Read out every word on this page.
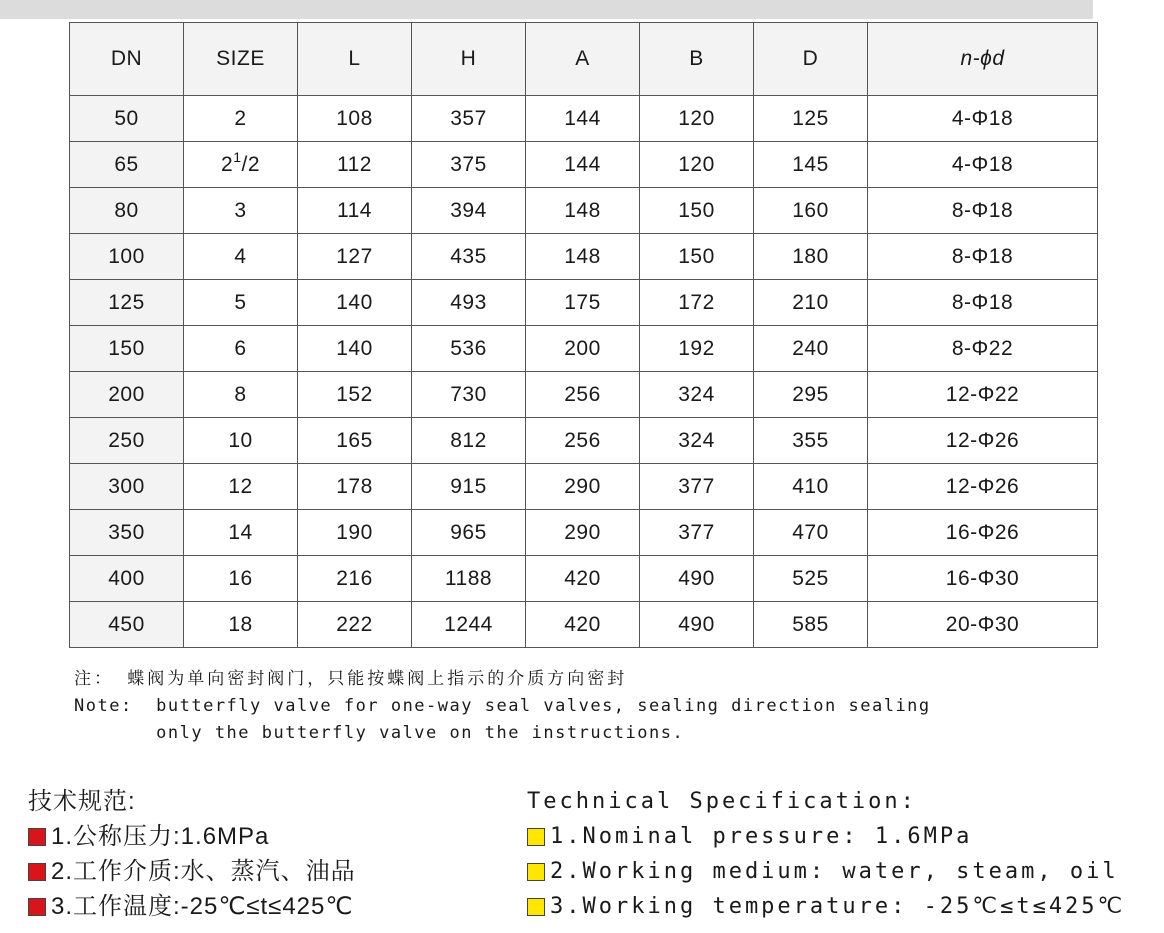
DN	SIZE	L	H	A	B	D	n-ϕd
50	2	108	357	144	120	125	4-Φ18
65	$2^1/2$	112	375	144	120	145	4-Φ18
80	3	114	394	148	150	160	8-Φ18
100	4	127	435	148	150	180	8-Φ18
125	5	140	493	175	172	210	8-Φ18
150	6	140	536	200	192	240	8-Φ22
200	8	152	730	256	324	295	12-Φ22
250	10	165	812	256	324	355	12-Φ26
300	12	178	915	290	377	410	12-Φ26
350	14	190	965	290	377	470	16-Φ26
400	16	216	1188	420	490	525	16-Φ30
450	18	222	1244	420	490	585	20-Φ30
注： 蝶阀为单向密封阀门，只能按蝶阀上指示的介质方向密封
Note:  butterfly valve for one-way seal valves, sealing direction sealing
only the butterfly valve on the instructions.
技术规范:
1.公称压力:1.6MPa
2.工作介质:水、蒸汽、油品
3.工作温度:-25℃≤t≤425℃
Technical Specification:
1.Nominal pressure: 1.6MPa
2.Working medium: water, steam, oil
3.Working temperature: -25℃≤t≤425℃
